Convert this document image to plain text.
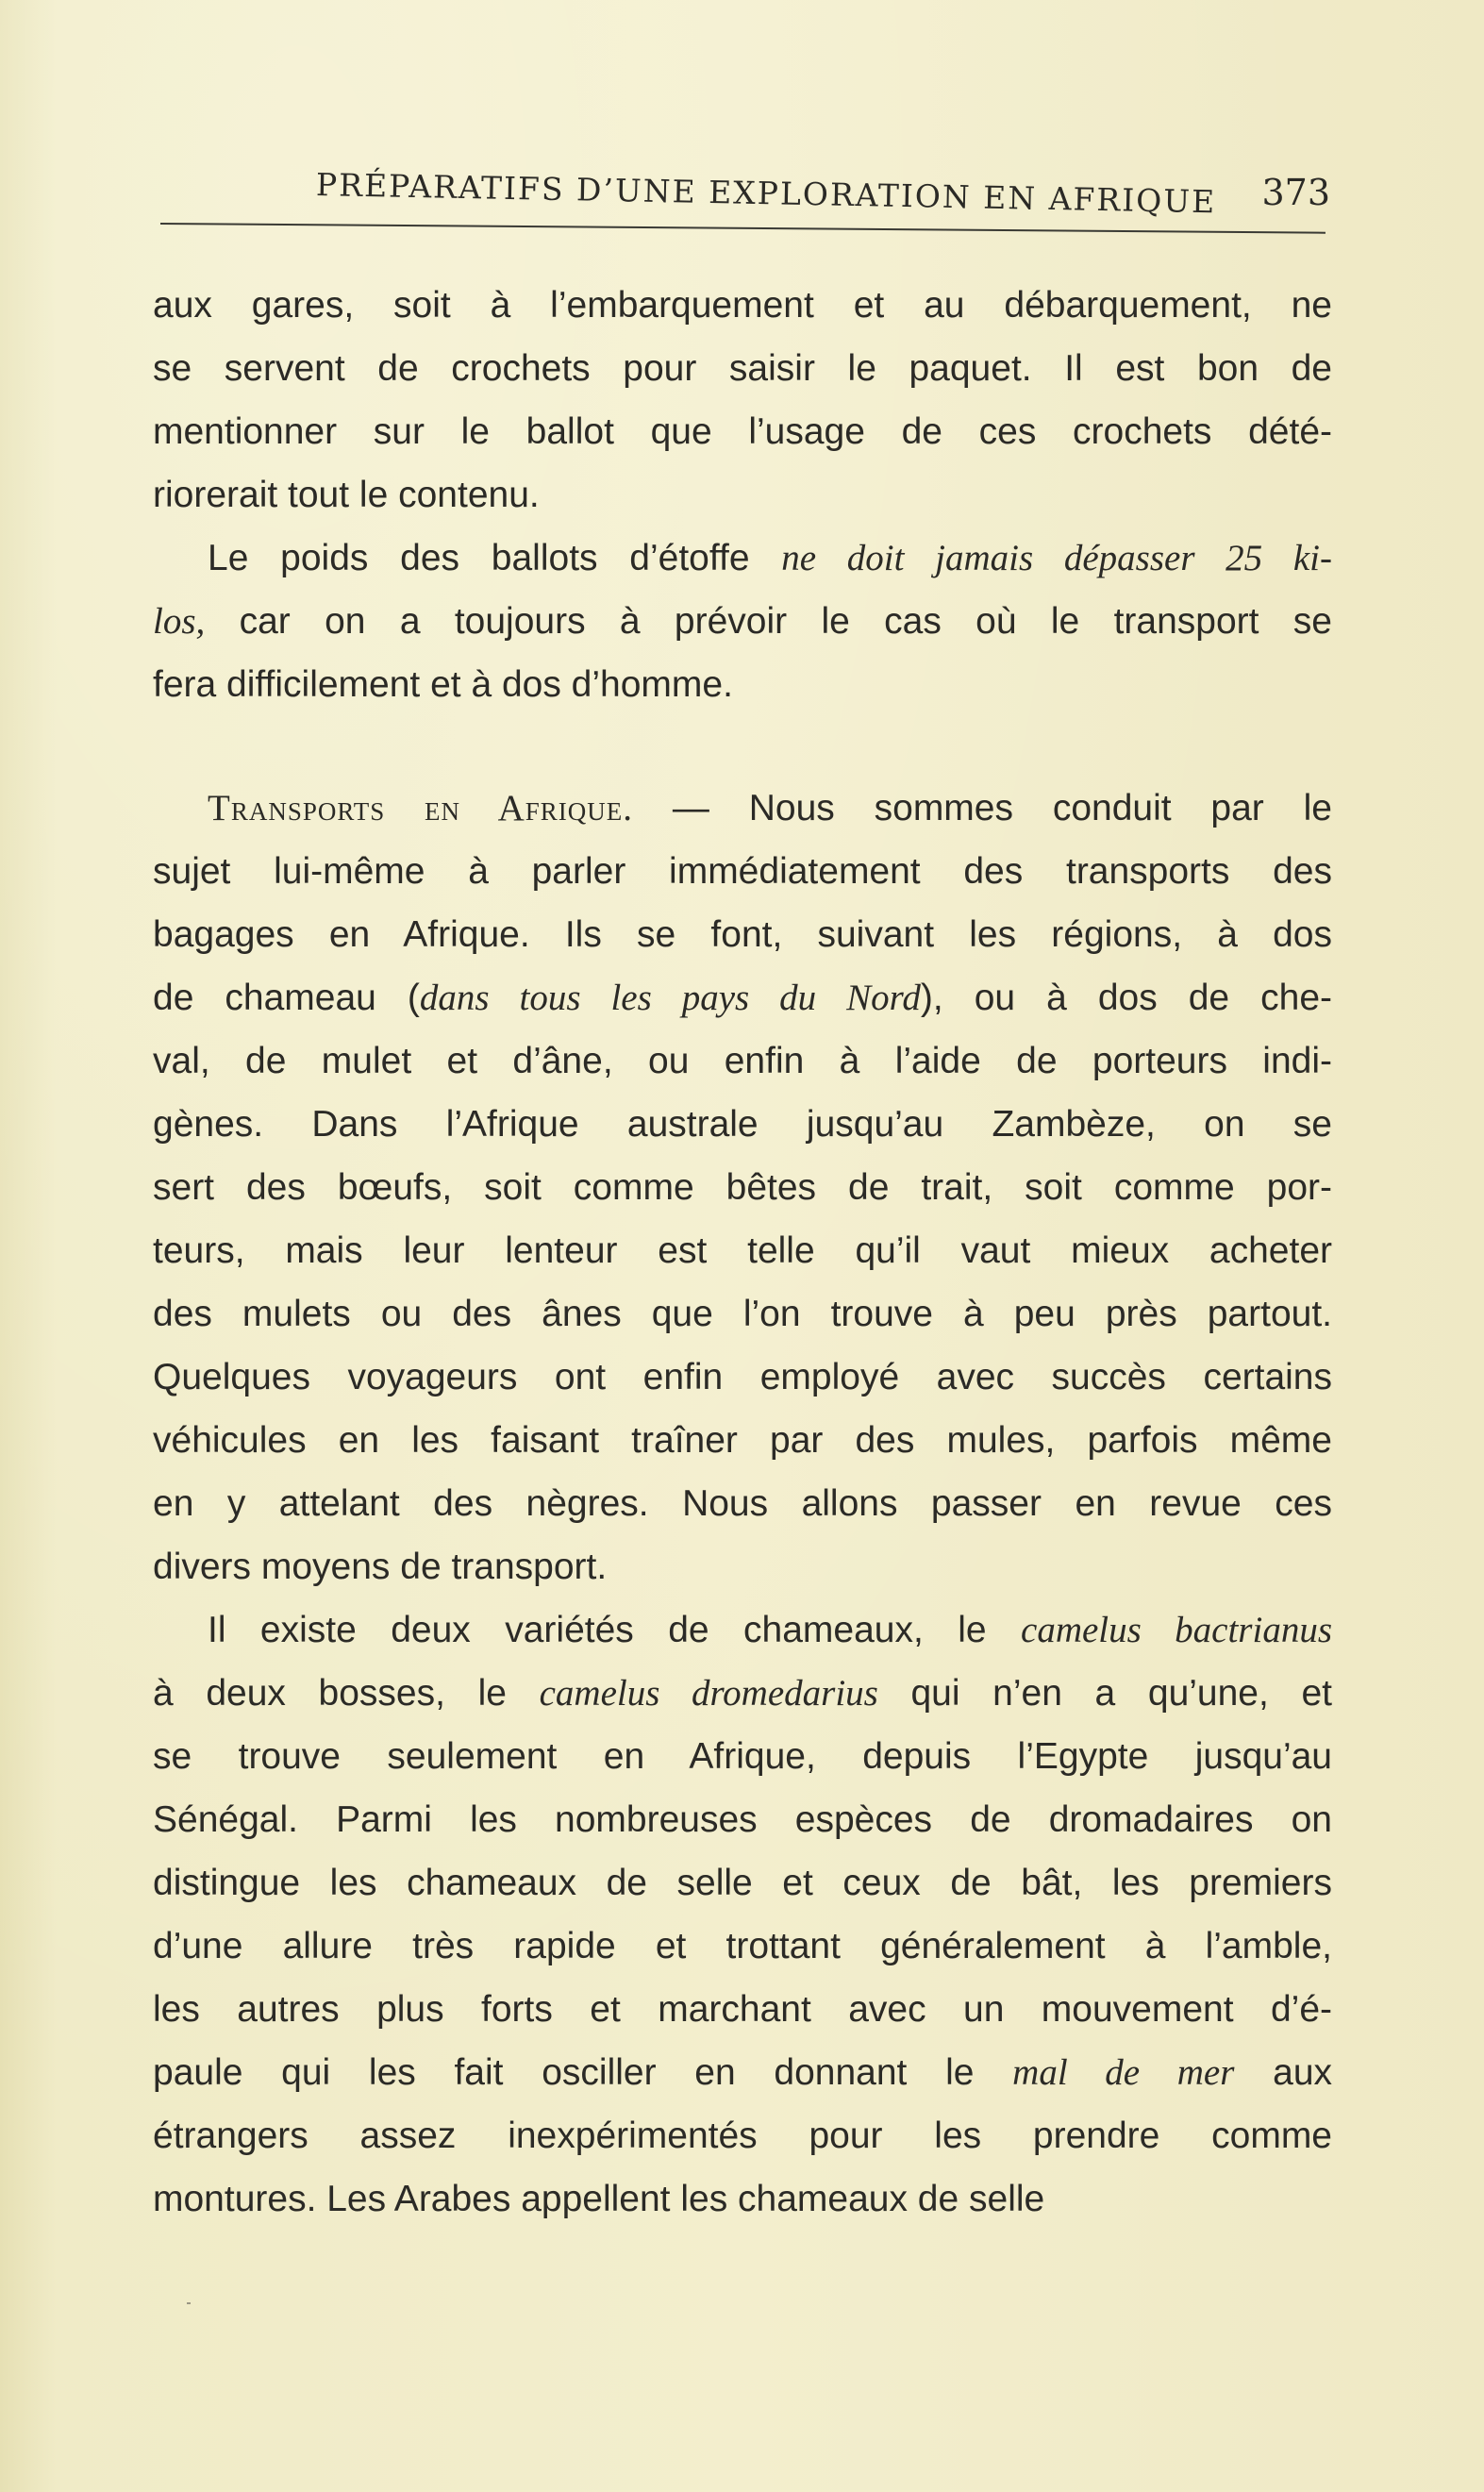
PRÉPARATIFS D’UNE EXPLORATION EN AFRIQUE 373
aux gares, soit à l’embarquement et au débarquement, ne
se servent de crochets pour saisir le paquet. Il est bon de
mentionner sur le ballot que l’usage de ces crochets dété-
riorerait tout le contenu.
Le poids des ballots d’étoffe ne doit jamais dépasser 25 ki-
los, car on a toujours à prévoir le cas où le transport se
fera difficilement et à dos d’homme.
Transports en Afrique. — Nous sommes conduit par le
sujet lui-même à parler immédiatement des transports des
bagages en Afrique. Ils se font, suivant les régions, à dos
de chameau (dans tous les pays du Nord), ou à dos de che-
val, de mulet et d’âne, ou enfin à l’aide de porteurs indi-
gènes. Dans l’Afrique australe jusqu’au Zambèze, on se
sert des bœufs, soit comme bêtes de trait, soit comme por-
teurs, mais leur lenteur est telle qu’il vaut mieux acheter
des mulets ou des ânes que l’on trouve à peu près partout.
Quelques voyageurs ont enfin employé avec succès certains
véhicules en les faisant traîner par des mules, parfois même
en y attelant des nègres. Nous allons passer en revue ces
divers moyens de transport.
Il existe deux variétés de chameaux, le camelus bactrianus
à deux bosses, le camelus dromedarius qui n’en a qu’une, et
se trouve seulement en Afrique, depuis l’Egypte jusqu’au
Sénégal. Parmi les nombreuses espèces de dromadaires on
distingue les chameaux de selle et ceux de bât, les premiers
d’une allure très rapide et trottant généralement à l’amble,
les autres plus forts et marchant avec un mouvement d’é-
paule qui les fait osciller en donnant le mal de mer aux
étrangers assez inexpérimentés pour les prendre comme
montures. Les Arabes appellent les chameaux de selle
